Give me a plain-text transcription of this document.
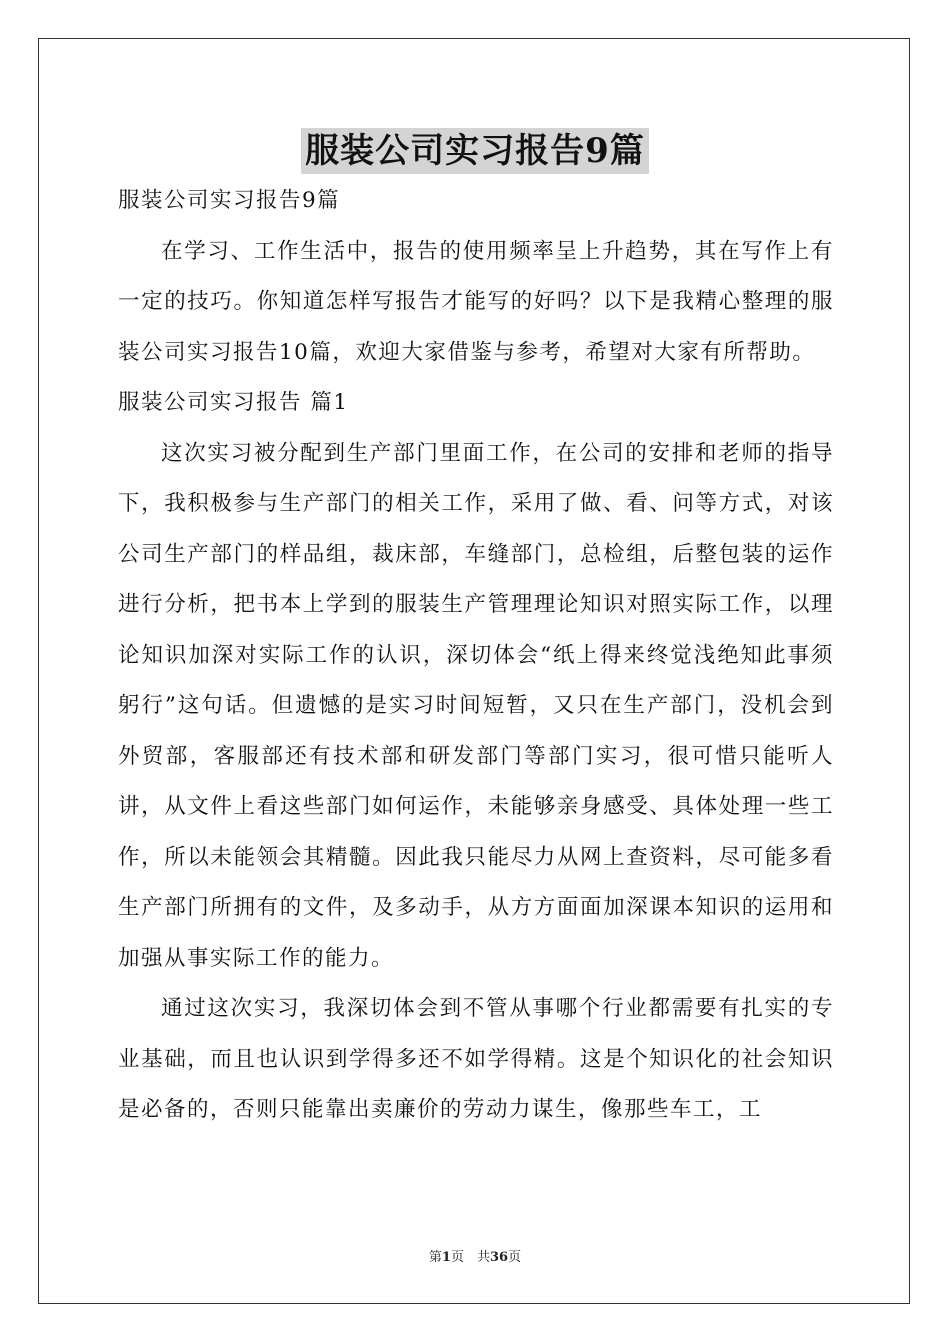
服装公司实习报告9篇

服装公司实习报告9篇

在学习、工作生活中，报告的使用频率呈上升趋势，其在写作上有一定的技巧。你知道怎样写报告才能写的好吗？以下是我精心整理的服装公司实习报告10篇，欢迎大家借鉴与参考，希望对大家有所帮助。

服装公司实习报告 篇1

这次实习被分配到生产部门里面工作，在公司的安排和老师的指导下，我积极参与生产部门的相关工作，采用了做、看、问等方式，对该公司生产部门的样品组，裁床部，车缝部门，总检组，后整包装的运作进行分析，把书本上学到的服装生产管理理论知识对照实际工作，以理论知识加深对实际工作的认识，深切体会“纸上得来终觉浅绝知此事须躬行”这句话。但遗憾的是实习时间短暂，又只在生产部门，没机会到外贸部，客服部还有技术部和研发部门等部门实习，很可惜只能听人讲，从文件上看这些部门如何运作，未能够亲身感受、具体处理一些工作，所以未能领会其精髓。因此我只能尽力从网上查资料，尽可能多看生产部门所拥有的文件，及多动手，从方方面面加深课本知识的运用和加强从事实际工作的能力。

通过这次实习，我深切体会到不管从事哪个行业都需要有扎实的专业基础，而且也认识到学得多还不如学得精。这是个知识化的社会知识是必备的，否则只能靠出卖廉价的劳动力谋生，像那些车工，工

第1页　共36页
